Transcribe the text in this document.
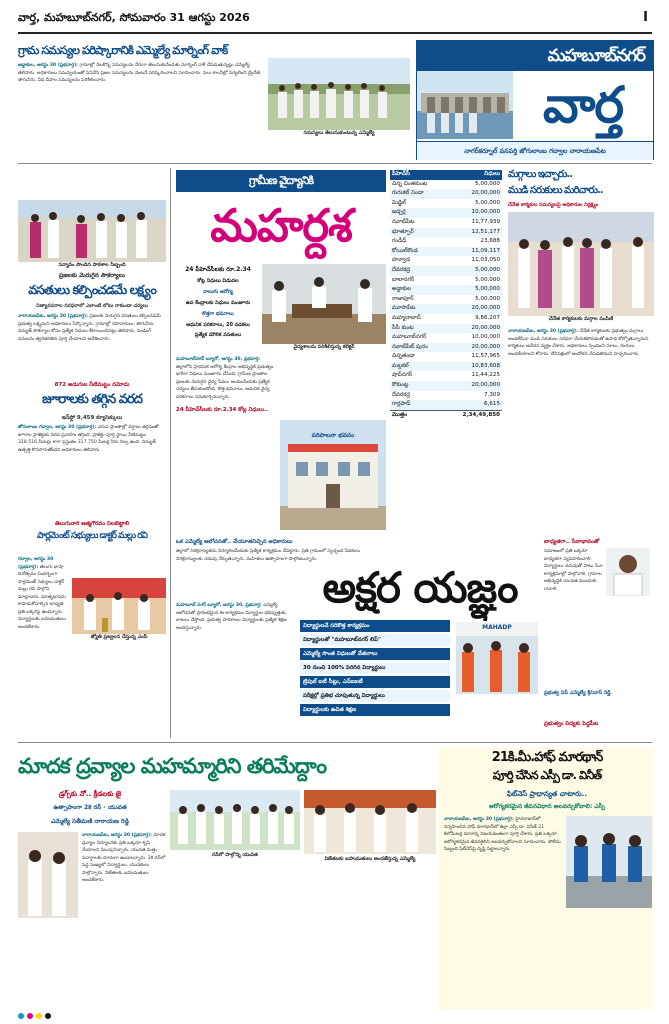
వార్త, మహబూబ్‌నగర్, సోమవారం 31 ఆగస్టు 2026	I
గ్రామ సమస్యల పరిష్కారానికి ఎమ్మెల్యే మార్నింగ్ వాక్

అడ్డాకుల, ఆగస్టు 30 (ప్రభవార్త): గ్రామాల్లో నెలకొన్న సమస్యలను నేరుగా తెలుసుకునేందుకు మార్నింగ్ వాక్ చేపడుతున్నట్లు ఎమ్మెల్యే తెలిపారు. అధికారులు సమన్వయంతో పనిచేసి ప్రజల సమస్యలను వెంటనే పరిష్కరించాలని సూచించారు. పలు కాలనీల్లో పర్యటించి డ్రైనేజీ, తాగునీరు, వీధి దీపాల సమస్యలను పరిశీలించారు.

సమస్యలు తెలుసుకుంటున్న ఎమ్మెల్యే
మహబూబ్‌నగర్
వార్త
నాగర్‌కర్నూల్ వనపర్తి జోగులాంబ గద్వాల నారాయణపేట
సన్మానం పొందిన పాఠశాల సిబ్బంది
ప్రజలకు మెరుగైన సౌకర్యాలు
వసతులు కల్పించడమే లక్ష్యం
నిత్యావసరాల సరఫరాలో ఎలాంటి లోటు రాకుండా చర్యలు

నారాయణపేట, ఆగస్టు 30 (ప్రభవార్త): ప్రజలకు మెరుగైన వసతులు కల్పించడమే ప్రభుత్వ లక్ష్యమని అధికారులు పేర్కొన్నారు. గ్రామాల్లో రహదారులు, తాగునీరు, విద్యుత్ సౌకర్యాల కోసం ప్రత్యేక నిధులు కేటాయించినట్లు తెలిపారు. పెండింగ్ పనులను త్వరితగతిన పూర్తి చేయాలని ఆదేశించారు.

872 అడుగుల నీటిమట్టం నమోదు
జూరాలకు తగ్గిన వరద
ఇన్‌ఫ్లో 9,459 క్యూసెక్కులు

జోగులాంబ గద్వాల, ఆగస్టు 30 (ప్రభవార్త): ఎగువ ప్రాంతాల్లో వర్షాలు తగ్గడంతో జూరాల ప్రాజెక్టుకు వరద ప్రవాహం తగ్గింది. ప్రాజెక్టు పూర్తి స్థాయి నీటిమట్టం 318.516 మీటర్లు కాగా ప్రస్తుతం 317.750 మీటర్ల నీరు నిల్వ ఉంది. విద్యుత్ ఉత్పత్తి కొనసాగుతోందని అధికారులు తెలిపారు.

తెలుగువారి ఆత్మగౌరవం నిలబెట్టాలి
పార్లమెంట్ సభ్యులు డాక్టర్ మల్లు రవి

గద్వాల, ఆగస్టు 30 (ప్రభవార్త): తెలుగు భాషా దినోత్సవం సందర్భంగా పార్లమెంట్ సభ్యులు డాక్టర్ మల్లు రవి పాల్గొని మాట్లాడారు. మాతృభాషను కాపాడుకోవాల్సిన బాధ్యత ప్రతి ఒక్కరిపై ఉందన్నారు. విద్యార్థులకు బహుమతులు అందజేశారు.

జ్యోతి ప్రజ్వలన చేస్తున్న ఎంపీ
గ్రామీణ వైద్యానికి
మహర్దశ
24 పీహెచ్‌సీలకు రూ.2.34
కోట్ల నిధులు విడుదల
నాలుగు ఆరోగ్య
ఉప కేంద్రాలకు నిధులు మంజూరు
కొత్తగా భవనాలు
ఆధునిక పరికరాలు, 20 పడకలు
ప్రత్యేక మౌలిక వసతులు
వైద్యశాలను పరిశీలిస్తున్న కలెక్టర్

మహబూబ్‌నగర్ బ్యూరో, ఆగస్టు 30, ప్రభవార్త: జిల్లాలోని ప్రాథమిక ఆరోగ్య కేంద్రాల అభివృద్ధికి ప్రభుత్వం భారీగా నిధులు మంజూరు చేసింది. గ్రామీణ ప్రాంతాల ప్రజలకు మెరుగైన వైద్య సేవలు అందించేందుకు ప్రత్యేక చర్యలు తీసుకుంటోంది. కొత్త భవనాలు, ఆధునిక వైద్య పరికరాలు సమకూర్చనున్నారు.

24 పీహెచ్‌సీలకు రూ.2.34 కోట్ల నిధులు..

పరిపాలనా భవనం
పీహెచ్‌సీ	నిధులు
చిన్న చింతకుంట	5,00,000
గురుకల్ నిండా	20,00,000
మిడ్జిల్	5,00,000
జడ్చర్ల	10,00,000
నవాబ్‌పేట	11,77,939
భూత్పూర్	12,51,177
గండీడ్	23,688
కోయిల్‌కొండ	11,09,117
హన్వాడ	11,03,050
దేవరకద్ర	5,00,000
బాలానగర్	5,00,000
అడ్డాకుల	5,00,000
రాజాపూర్	5,00,000
మూసాపేట	20,00,000
మహ్మదాబాద్	9,86,207
సీసీ కుంట	20,00,000
మహబూబ్‌నగర్	10,00,000
నవాబ్‌పేట్ పురం	20,00,000
చిన్నతండా	11,57,965
మల్దకల్	10,83,608
షాద్‌నగర్	11,44,225
కౌకుంట్ల	20,00,000
దేవరకద్ర	7,309
గార్లపాడ్	6,615
మొత్తం	2,34,49,850
మగ్గాలు ఇచ్చారు..
ముడి సరుకులు మరిచారు..
చేనేత కార్మికుల సమస్యలపై అధికారుల నిర్లక్ష్యం
చేనేత కార్మికులకు మగ్గాల పంపిణీ

నారాయణపేట, ఆగస్టు 30 (ప్రభవార్త): చేనేత కార్మికులకు ప్రభుత్వం మగ్గాలు అందజేసినా ముడి సరుకులు సరఫరా చేయకపోవడంతో ఉపాధి కోల్పోతున్నామని కార్మికులు ఆవేదన వ్యక్తం చేశారు. అధికారులు స్పందించి నూలు, రంగులు అందజేయాలని కోరారు. లేనిపక్షంలో ఆందోళన చేపడతామని హెచ్చరించారు.

ఒక ఎమ్మెల్యే ఆలోచనతో.. చేయూతనిచ్చిన అధికారులు

జిల్లాలో నిరక్షరాస్యతను నిర్మూలించేందుకు ప్రత్యేక కార్యక్రమం చేపట్టారు. ప్రతి గ్రామంలో స్వచ్ఛంద సేవకులు నిరక్షరాస్యులకు చదువు నేర్పుతున్నారు. మహిళలు ఉత్సాహంగా పాల్గొంటున్నారు.

అక్షర యజ్ఞం
విద్యార్థులచే సరికొత్త కార్యక్రమం
విద్యార్థులతో "మహబూబ్‌నగర్ లిప్"
ఎమ్మెల్యే సొంత నిధులతో వేతనాలు
30 నుంచి 100% పెరిగిన విద్యార్థులు
ట్రిపుల్ ఐటీ సీట్లు, ఎన్‌ఐఐటీ
పరీక్షల్లో ప్రతిభ చూపుతున్న విద్యార్థులు
విద్యార్థులకు ఉచిత శిక్షణ
MAHADP

మహబూబ్ నగర్ బ్యూరో, ఆగస్టు 30, ప్రభవార్త: ఎమ్మెల్యే ఆలోచనతో ప్రారంభమైన ఈ కార్యక్రమం విద్యార్థుల భవిష్యత్తుకు బాటలు వేస్తోంది. ప్రభుత్వ పాఠశాలల విద్యార్థులకు ప్రత్యేక శిక్షణ అందిస్తున్నారు.

బాధ్యతగా.. సేవాభావంతో

సమాజంలో ప్రతి ఒక్కరూ బాధ్యతగా వ్యవహరించాలి. విద్యార్థులు చదువుతో పాటు సేవా కార్యక్రమాల్లో పాల్గొనాలి. గ్రామాల అభివృద్ధికి యువత ముందుకు రావాలి.

ప్రభుత్వ విప్ ఎమ్మెల్యే శ్రీనివాస్ రెడ్డి
ప్రభుత్వం విద్యకు పెద్దపీట
మాదక ద్రవ్యాల మహమ్మారిని తరిమేద్దాం
డ్రగ్స్‌కు నో.. క్రీడలకు జై
ఉత్సాహంగా 2కె రన్‌ - యువత
ఎమ్మెల్యే సతీమణి నారాయణ రెడ్డి

నారాయణపేట, ఆగస్టు 30 (ప్రభవార్త): మాదక ద్రవ్యాల నిర్మూలనకు ప్రతి ఒక్కరూ కృషి చేయాలని పిలుపునిచ్చారు. యువత మత్తు పదార్థాలకు దూరంగా ఉండాలన్నారు. 2కె రన్‌లో పెద్ద సంఖ్యలో విద్యార్థులు, యువకులు పాల్గొన్నారు. విజేతలకు బహుమతులు అందజేశారు.

రన్‌లో పాల్గొన్న యువత
విజేతలకు బహుమతులు అందజేస్తున్న ఎమ్మెల్యే
21కి.మీ.హాఫ్ మారథాన్
పూర్తి చేసిన ఎస్పీ డా. వినీత్
ఫిట్‌నెస్ ప్రాధాన్యత చాటారు..
ఆరోగ్యకరమైన జీవనవిధాన అలవర్చుకోవాలి: ఎస్పీ

నారాయణపేట, ఆగస్టు 30 (ప్రభవార్త): హైదరాబాద్‌లో నిర్వహించిన హాఫ్ మారథాన్‌లో జిల్లా ఎస్పీ డా. వినీత్ 21 కిలోమీటర్ల దూరాన్ని విజయవంతంగా పూర్తి చేశారు. ప్రతి ఒక్కరూ ఆరోగ్యకరమైన జీవనశైలిని అలవర్చుకోవాలని సూచించారు. పోలీసు సిబ్బంది ఫిట్‌నెస్‌పై దృష్టి పెట్టాలన్నారు.
